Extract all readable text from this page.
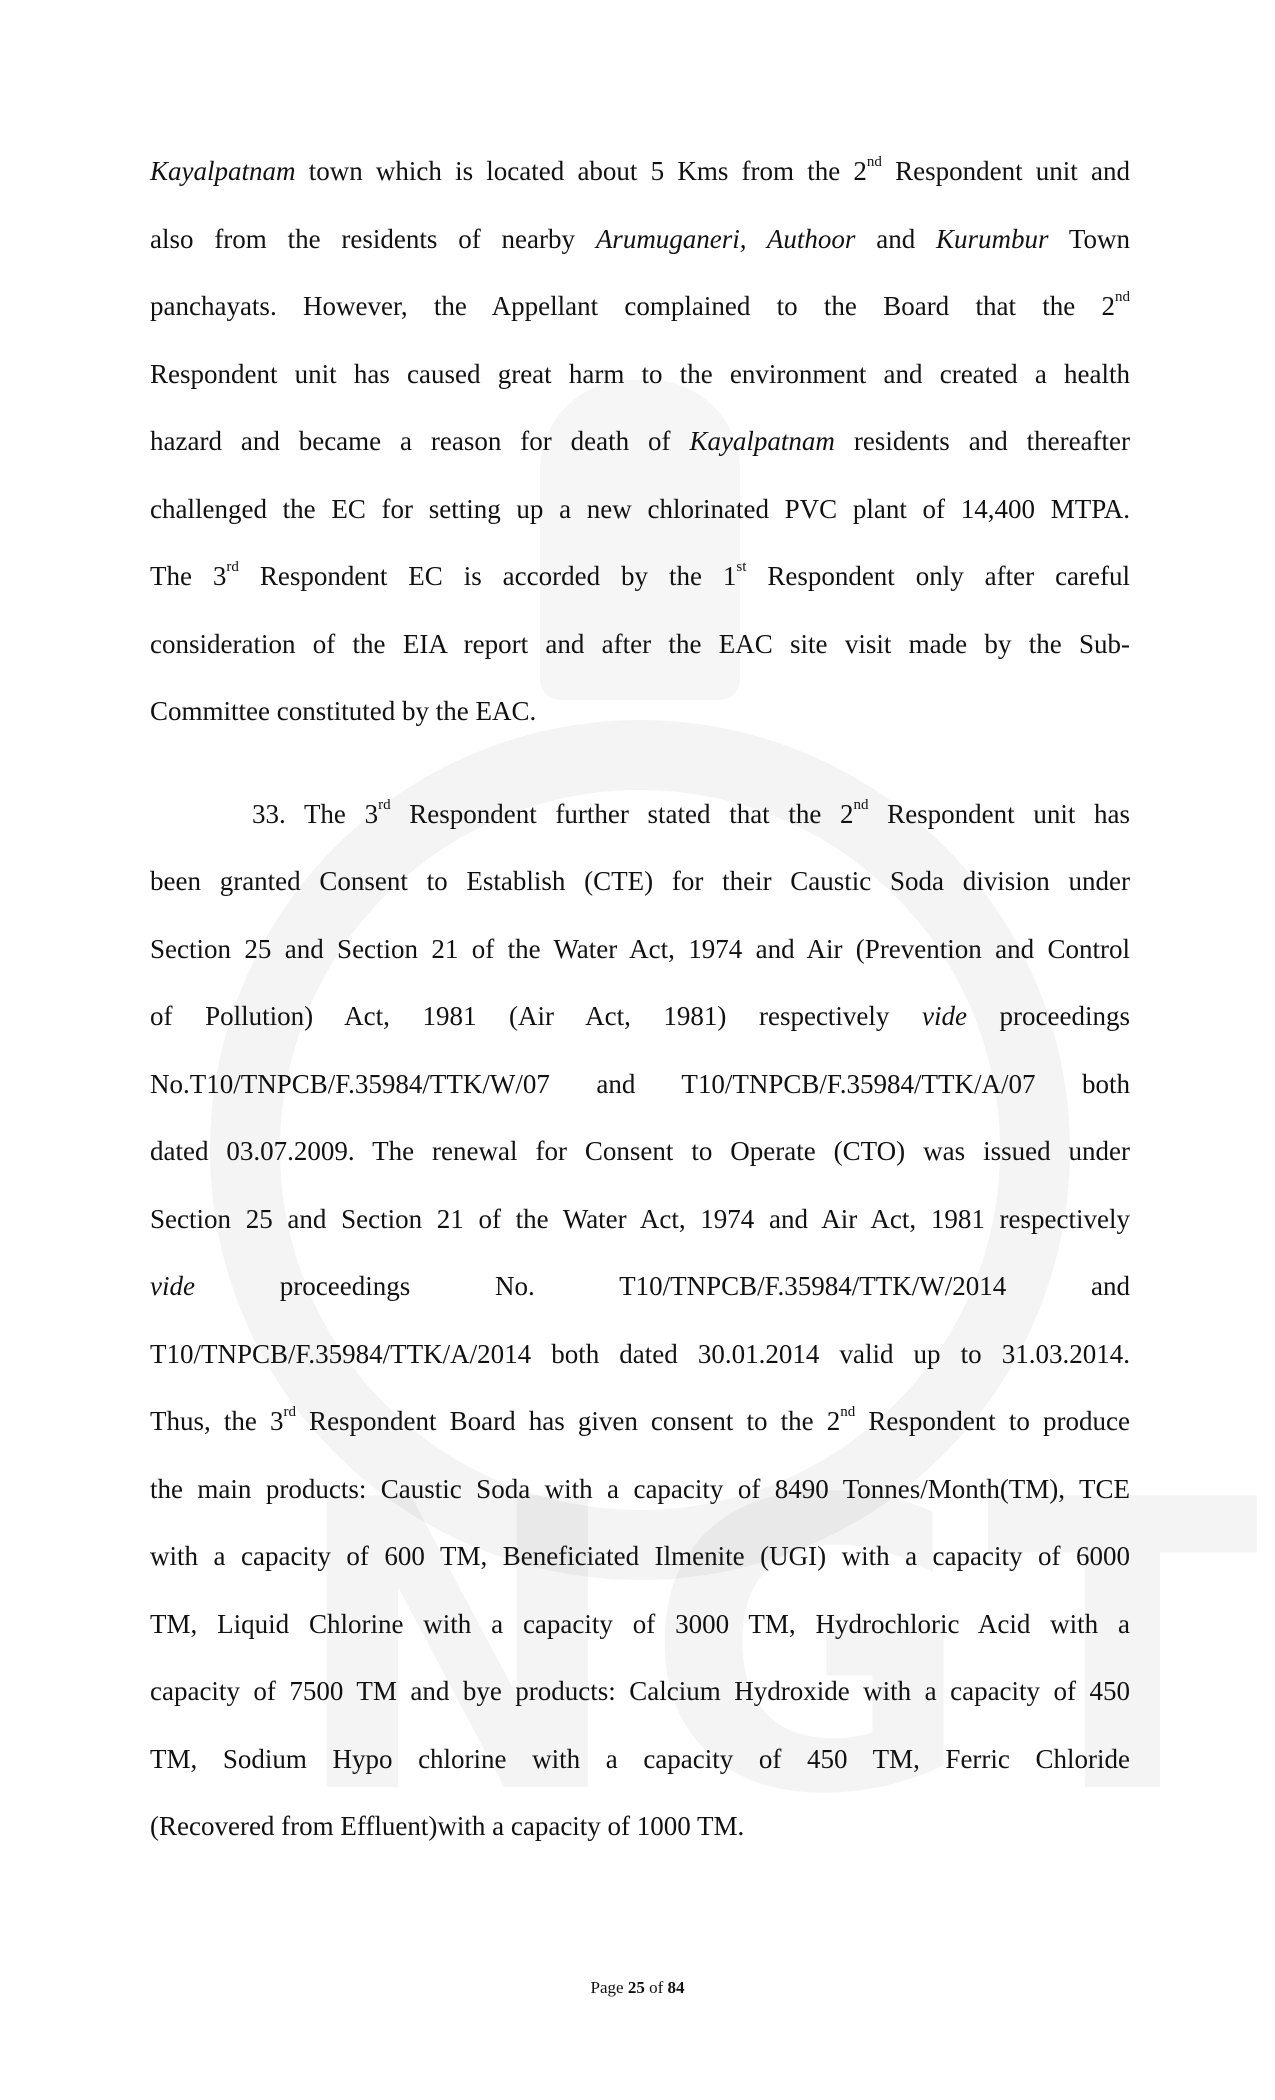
Kayalpatnam town which is located about 5 Kms from the 2nd Respondent unit and
also from the residents of nearby Arumuganeri, Authoor and Kurumbur Town
panchayats. However, the Appellant complained to the Board that the 2nd
Respondent unit has caused great harm to the environment and created a health
hazard and became a reason for death of Kayalpatnam residents and thereafter
challenged the EC for setting up a new chlorinated PVC plant of 14,400 MTPA.
The 3rd Respondent EC is accorded by the 1st Respondent only after careful
consideration of the EIA report and after the EAC site visit made by the Sub-
Committee constituted by the EAC.
33. The 3rd Respondent further stated that the 2nd Respondent unit has
been granted Consent to Establish (CTE) for their Caustic Soda division under
Section 25 and Section 21 of the Water Act, 1974 and Air (Prevention and Control
of Pollution) Act, 1981 (Air Act, 1981) respectively vide proceedings
No.T10/TNPCB/F.35984/TTK/W/07 and T10/TNPCB/F.35984/TTK/A/07 both
dated 03.07.2009. The renewal for Consent to Operate (CTO) was issued under
Section 25 and Section 21 of the Water Act, 1974 and Air Act, 1981 respectively
vide proceedings No. T10/TNPCB/F.35984/TTK/W/2014 and
T10/TNPCB/F.35984/TTK/A/2014 both dated 30.01.2014 valid up to 31.03.2014.
Thus, the 3rd Respondent Board has given consent to the 2nd Respondent to produce
the main products: Caustic Soda with a capacity of 8490 Tonnes/Month(TM), TCE
with a capacity of 600 TM, Beneficiated Ilmenite (UGI) with a capacity of 6000
TM, Liquid Chlorine with a capacity of 3000 TM, Hydrochloric Acid with a
capacity of 7500 TM and bye products: Calcium Hydroxide with a capacity of 450
TM, Sodium Hypo chlorine with a capacity of 450 TM, Ferric Chloride
(Recovered from Effluent)with a capacity of 1000 TM.
Page 25 of 84
